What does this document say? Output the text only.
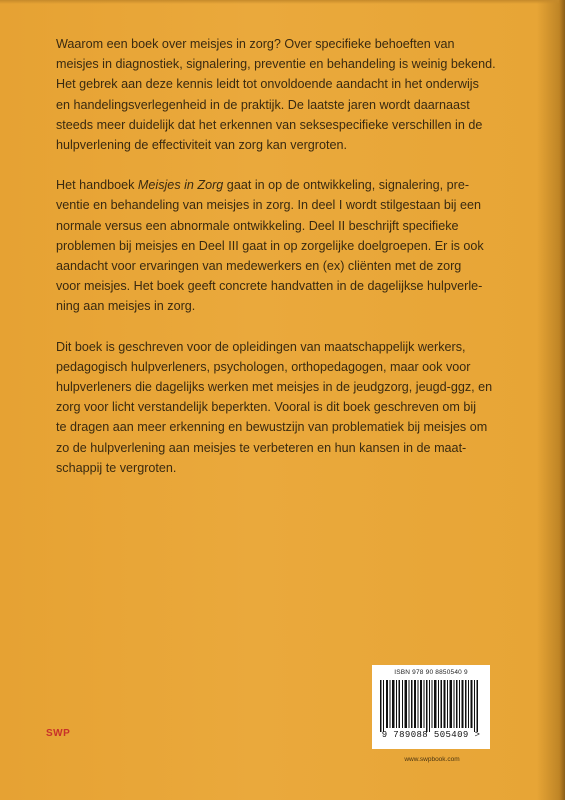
Waarom een boek over meisjes in zorg? Over specifieke behoeften van
meisjes in diagnostiek, signalering, preventie en behandeling is weinig bekend.
Het gebrek aan deze kennis leidt tot onvoldoende aandacht in het onderwijs
en handelingsverlegenheid in de praktijk. De laatste jaren wordt daarnaast
steeds meer duidelijk dat het erkennen van seksespecifieke verschillen in de
hulpverlening de effectiviteit van zorg kan vergroten.

Het handboek Meisjes in Zorg gaat in op de ontwikkeling, signalering, pre-
ventie en behandeling van meisjes in zorg. In deel I wordt stilgestaan bij een
normale versus een abnormale ontwikkeling. Deel II beschrijft specifieke
problemen bij meisjes en Deel III gaat in op zorgelijke doelgroepen. Er is ook
aandacht voor ervaringen van medewerkers en (ex) cliënten met de zorg
voor meisjes. Het boek geeft concrete handvatten in de dagelijkse hulpverle-
ning aan meisjes in zorg.

Dit boek is geschreven voor de opleidingen van maatschappelijk werkers,
pedagogisch hulpverleners, psychologen, orthopedagogen, maar ook voor
hulpverleners die dagelijks werken met meisjes in de jeudgzorg, jeugd-ggz, en
zorg voor licht verstandelijk beperkten. Vooral is dit boek geschreven om bij
te dragen aan meer erkenning en bewustzijn van problematiek bij meisjes om
zo de hulpverlening aan meisjes te verbeteren en hun kansen in de maat-
schappij te vergroten.

ISBN 978 90 8850540 9
9 789088 505409 >
SWP
www.swpbook.com
